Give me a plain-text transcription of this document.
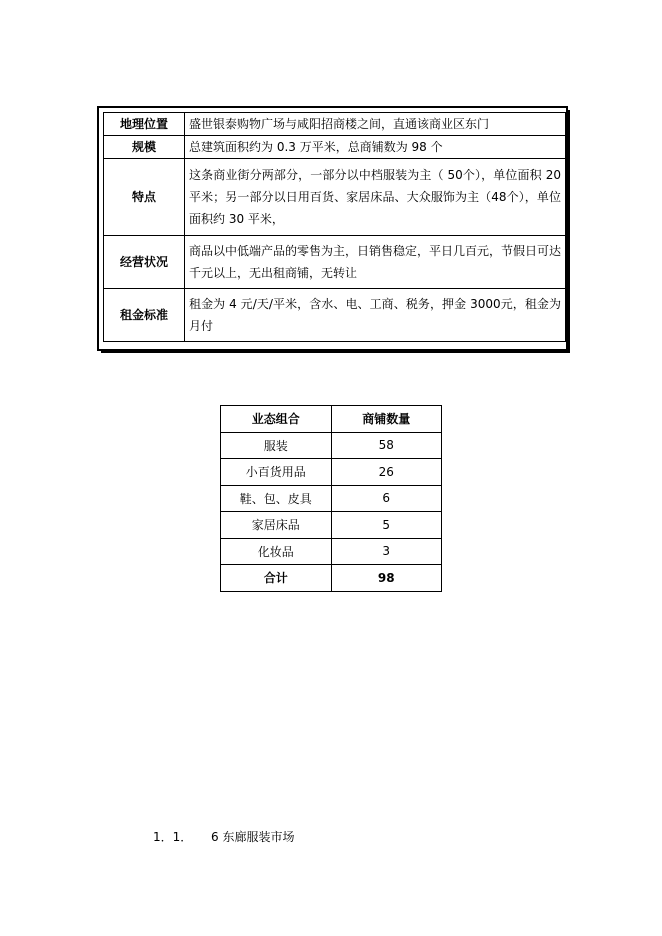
地理位置	盛世银泰购物广场与咸阳招商楼之间，直通该商业区东门
规模	总建筑面积约为 0.3 万平米，总商铺数为 98 个
特点	这条商业街分两部分，一部分以中档服装为主（ 50个），单位面积 20 平米；另一部分以日用百货、家居床品、大众服饰为主（48个），单位面积约 30 平米，
经营状况	商品以中低端产品的零售为主，日销售稳定，平日几百元，节假日可达千元以上，无出租商铺，无转让
租金标准	租金为 4 元/天/平米，含水、电、工商、税务，押金 3000元，租金为月付
业态组合	商铺数量
服装	58
小百货用品	26
鞋、包、皮具	6
家居床品	5
化妆品	3
合计	98
1．1． 6 东廊服装市场
